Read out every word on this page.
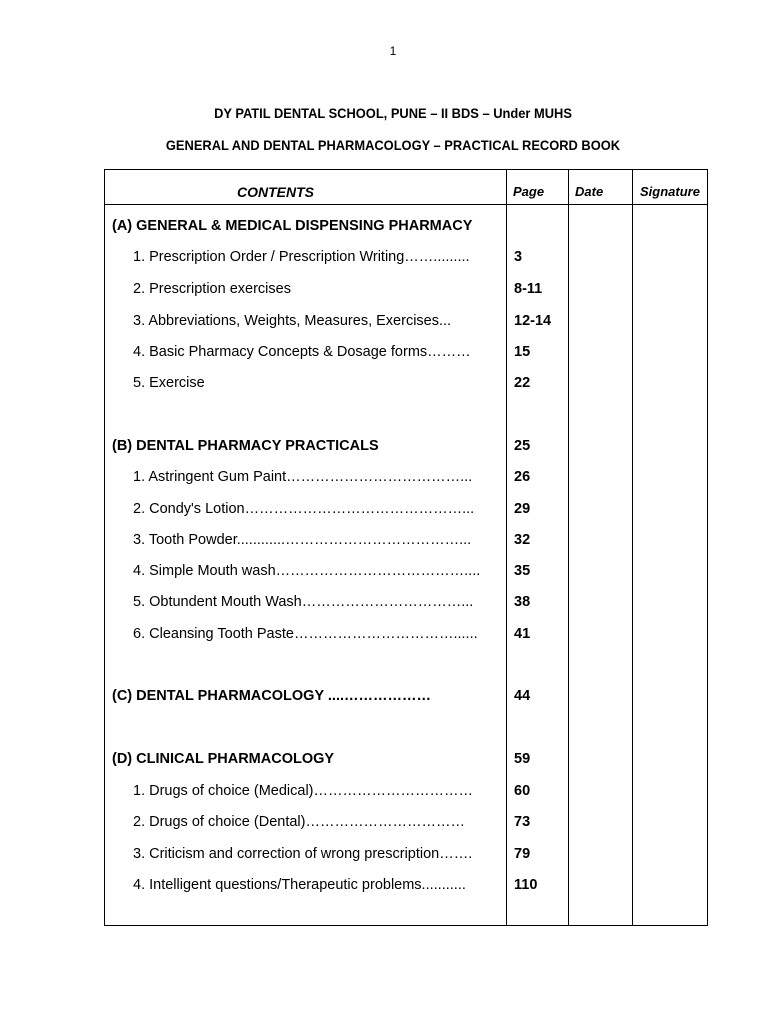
1
DY PATIL DENTAL SCHOOL, PUNE – II BDS – Under MUHS
GENERAL AND DENTAL PHARMACOLOGY – PRACTICAL RECORD BOOK
CONTENTS	Page Date	Signature
(A) GENERAL & MEDICAL DISPENSING PHARMACY
1. Prescription Order / Prescription Writing…….........	3
2. Prescription exercises	8-11
3. Abbreviations, Weights, Measures, Exercises...	12-14
4. Basic Pharmacy Concepts & Dosage forms………	15
5. Exercise	22
(B) DENTAL PHARMACY PRACTICALS	25
1. Astringent Gum Paint………………………………...	26
2. Condy's Lotion………………………………………...	29
3. Tooth Powder............………………………………...	32
4. Simple Mouth wash………………………………….... 35
5. Obtundent Mouth Wash……………………………...	38
6. Cleansing Tooth Paste……………………………......	41
(C) DENTAL PHARMACOLOGY ....………………	44
(D) CLINICAL PHARMACOLOGY	59
1. Drugs of choice (Medical)……………………………	60
2. Drugs of choice (Dental)……………………………	73
3. Criticism and correction of wrong prescription…….	79
4. Intelligent questions/Therapeutic problems...........	110
